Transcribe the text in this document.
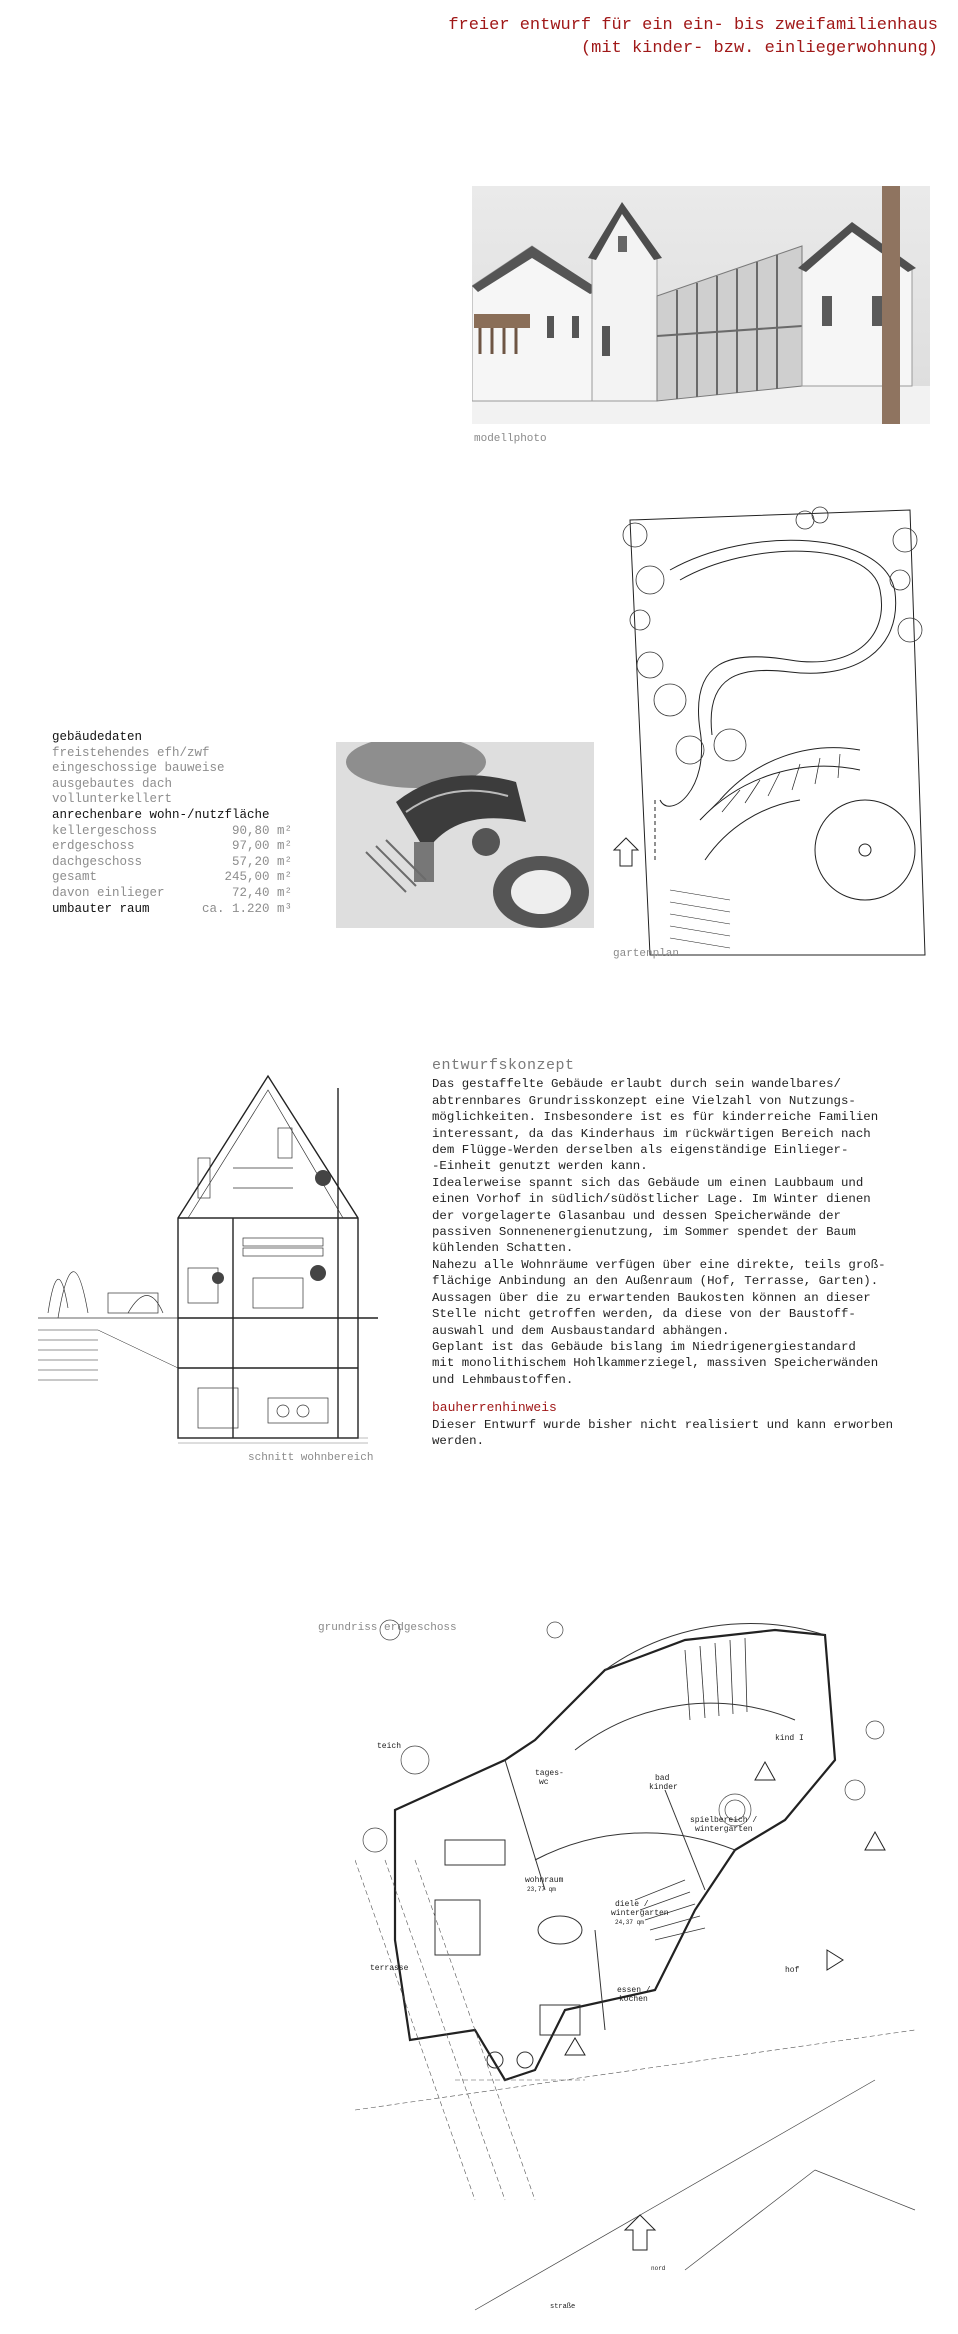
freier entwurf für ein ein- bis zweifamilienhaus
(mit kinder- bzw. einliegerwohnung)
modellphoto
gartenplan
gebäudedaten
freistehendes efh/zwf
eingeschossige bauweise
ausgebautes dach
vollunterkellert
anrechenbare wohn-/nutzfläche
kellergeschoss	90,80 m²
erdgeschoss	97,00 m²
dachgeschoss	57,20 m²
gesamt	245,00 m²
davon einlieger	72,40 m²
umbauter raum	ca. 1.220 m³
schnitt wohnbereich
entwurfskonzept

Das gestaffelte Gebäude erlaubt durch sein wandelbares/
abtrennbares Grundrisskonzept eine Vielzahl von Nutzungs-
möglichkeiten. Insbesondere ist es für kinderreiche Familien
interessant, da das Kinderhaus im rückwärtigen Bereich nach
dem Flügge-Werden derselben als eigenständige Einlieger-
-Einheit genutzt werden kann.
Idealerweise spannt sich das Gebäude um einen Laubbaum und
einen Vorhof in südlich/südöstlicher Lage. Im Winter dienen
der vorgelagerte Glasanbau und dessen Speicherwände der
passiven Sonnenenergienutzung, im Sommer spendet der Baum
kühlenden Schatten.
Nahezu alle Wohnräume verfügen über eine direkte, teils groß-
flächige Anbindung an den Außenraum (Hof, Terrasse, Garten).
Aussagen über die zu erwartenden Baukosten können an dieser
Stelle nicht getroffen werden, da diese von der Baustoff-
auswahl und dem Ausbaustandard abhängen.
Geplant ist das Gebäude bislang im Niedrigenergiestandard
mit monolithischem Hohlkammerziegel, massiven Speicherwänden
und Lehmbaustoffen.

bauherrenhinweis

Dieser Entwurf wurde bisher nicht realisiert und kann erworben
werden.

grundriss erdgeschoss
teich
terrasse
wohnraum
23,77 qm
diele /
wintergarten
24,37 qm
essen /
kochen
tages-
wc	bad
kinder
kind I
spielbereich /
wintergarten
hof
nord
straße
